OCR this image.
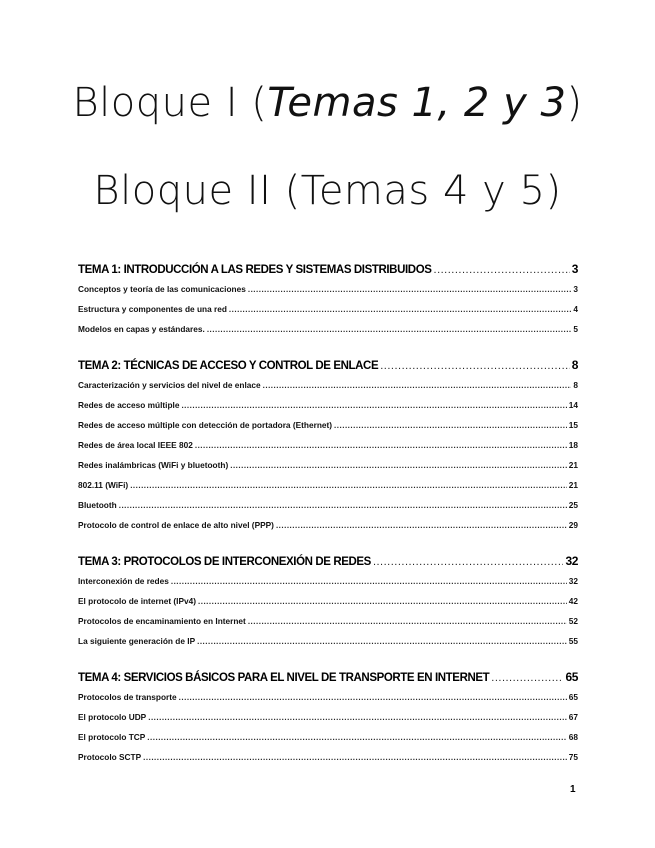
Bloque I (Temas 1, 2 y 3)
Bloque II (Temas 4 y 5)
TEMA 1: INTRODUCCIÓN A LAS REDES Y SISTEMAS DISTRIBUIDOS .....	3
Conceptos y teoría de las comunicaciones .....	3
Estructura y componentes de una red .....	4
Modelos en capas y estándares. .....	5
TEMA 2: TÉCNICAS DE ACCESO Y CONTROL DE ENLACE .....	8
Caracterización y servicios del nivel de enlace .....	8
Redes de acceso múltiple .....	14
Redes de acceso múltiple con detección de portadora (Ethernet) .....	15
Redes de área local IEEE 802 .....	18
Redes inalámbricas (WiFi y bluetooth) .....	21
802.11 (WiFi) .....	21
Bluetooth .....	25
Protocolo de control de enlace de alto nivel (PPP) .....	29
TEMA 3: PROTOCOLOS DE INTERCONEXIÓN DE REDES .....	32
Interconexión de redes .....	32
El protocolo de internet (IPv4) .....	42
Protocolos de encaminamiento en Internet .....	52
La siguiente generación de IP .....	55
TEMA 4: SERVICIOS BÁSICOS PARA EL NIVEL DE TRANSPORTE EN INTERNET .....	65
Protocolos de transporte .....	65
El protocolo UDP .....	67
El protocolo TCP .....	68
Protocolo SCTP .....	75
1
